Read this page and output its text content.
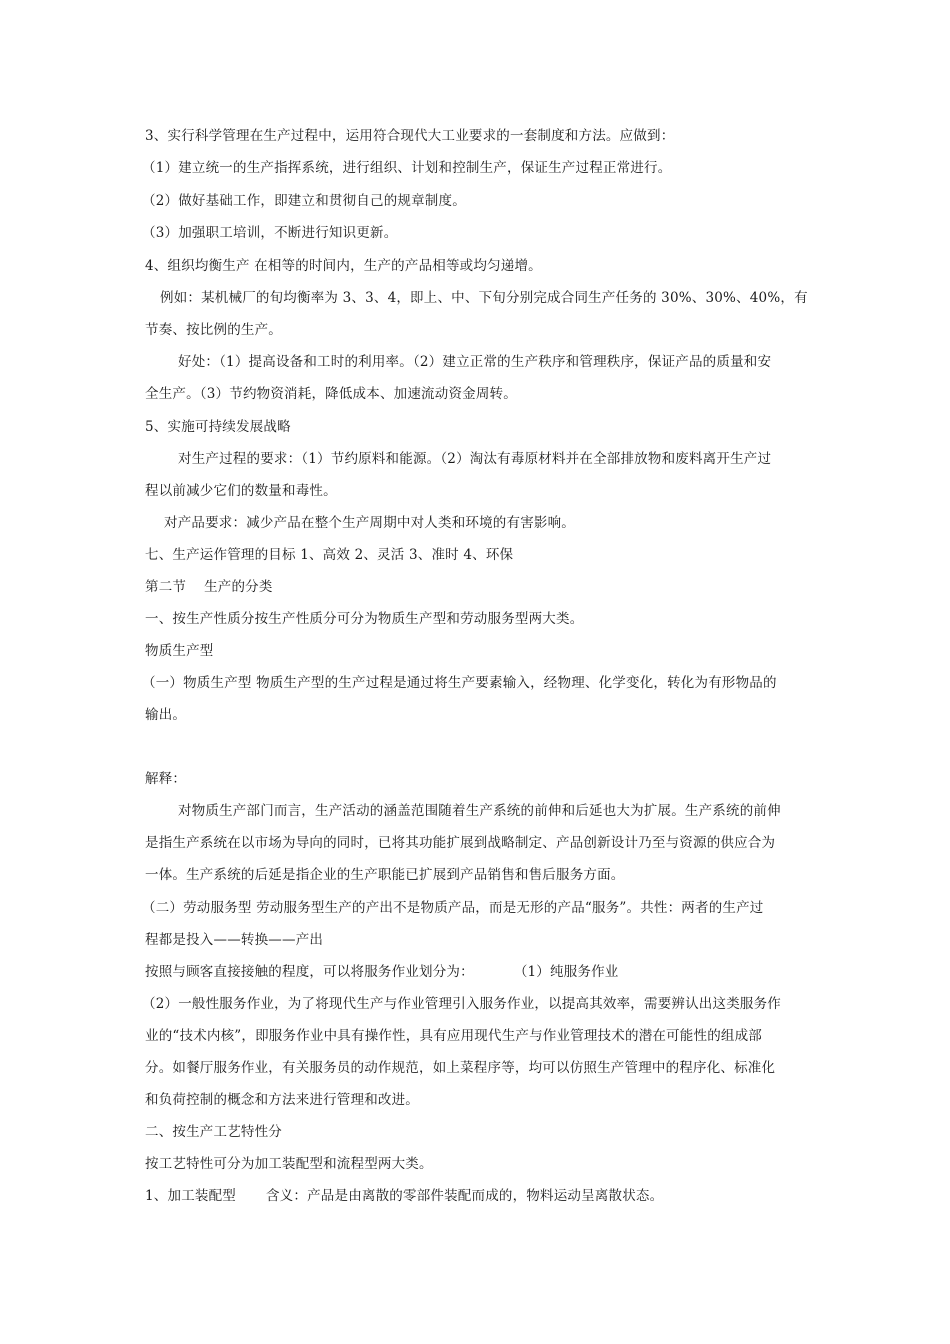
3、实行科学管理在生产过程中，运用符合现代大工业要求的一套制度和方法。应做到：
（1）建立统一的生产指挥系统，进行组织、计划和控制生产，保证生产过程正常进行。
（2）做好基础工作，即建立和贯彻自己的规章制度。
（3）加强职工培训，不断进行知识更新。
4、组织均衡生产 在相等的时间内，生产的产品相等或均匀递增。
例如：某机械厂的旬均衡率为 3、3、4，即上、中、下旬分别完成合同生产任务的 30%、30%、40%，有
节奏、按比例的生产。
好处：（1）提高设备和工时的利用率。（2）建立正常的生产秩序和管理秩序，保证产品的质量和安
全生产。（3）节约物资消耗，降低成本、加速流动资金周转。
5、实施可持续发展战略
对生产过程的要求：（1）节约原料和能源。（2）淘汰有毒原材料并在全部排放物和废料离开生产过
程以前减少它们的数量和毒性。
对产品要求：减少产品在整个生产周期中对人类和环境的有害影响。
七、生产运作管理的目标 1、高效 2、灵活 3、准时 4、环保
第二节    生产的分类
一、按生产性质分按生产性质分可分为物质生产型和劳动服务型两大类。
物质生产型
（一）物质生产型 物质生产型的生产过程是通过将生产要素输入，经物理、化学变化，转化为有形物品的
输出。
解释：
对物质生产部门而言，生产活动的涵盖范围随着生产系统的前伸和后延也大为扩展。生产系统的前伸
是指生产系统在以市场为导向的同时，已将其功能扩展到战略制定、产品创新设计乃至与资源的供应合为
一体。生产系统的后延是指企业的生产职能已扩展到产品销售和售后服务方面。
（二）劳动服务型 劳动服务型生产的产出不是物质产品，而是无形的产品“服务”。共性：两者的生产过
程都是投入——转换——产出
按照与顾客直接接触的程度，可以将服务作业划分为：	（1）纯服务作业
（2）一般性服务作业，为了将现代生产与作业管理引入服务作业，以提高其效率，需要辨认出这类服务作
业的“技术内核”，即服务作业中具有操作性，具有应用现代生产与作业管理技术的潜在可能性的组成部
分。如餐厅服务作业，有关服务员的动作规范，如上菜程序等，均可以仿照生产管理中的程序化、标准化
和负荷控制的概念和方法来进行管理和改进。
二、按生产工艺特性分
按工艺特性可分为加工装配型和流程型两大类。
1、加工装配型 含义：产品是由离散的零部件装配而成的，物料运动呈离散状态。
